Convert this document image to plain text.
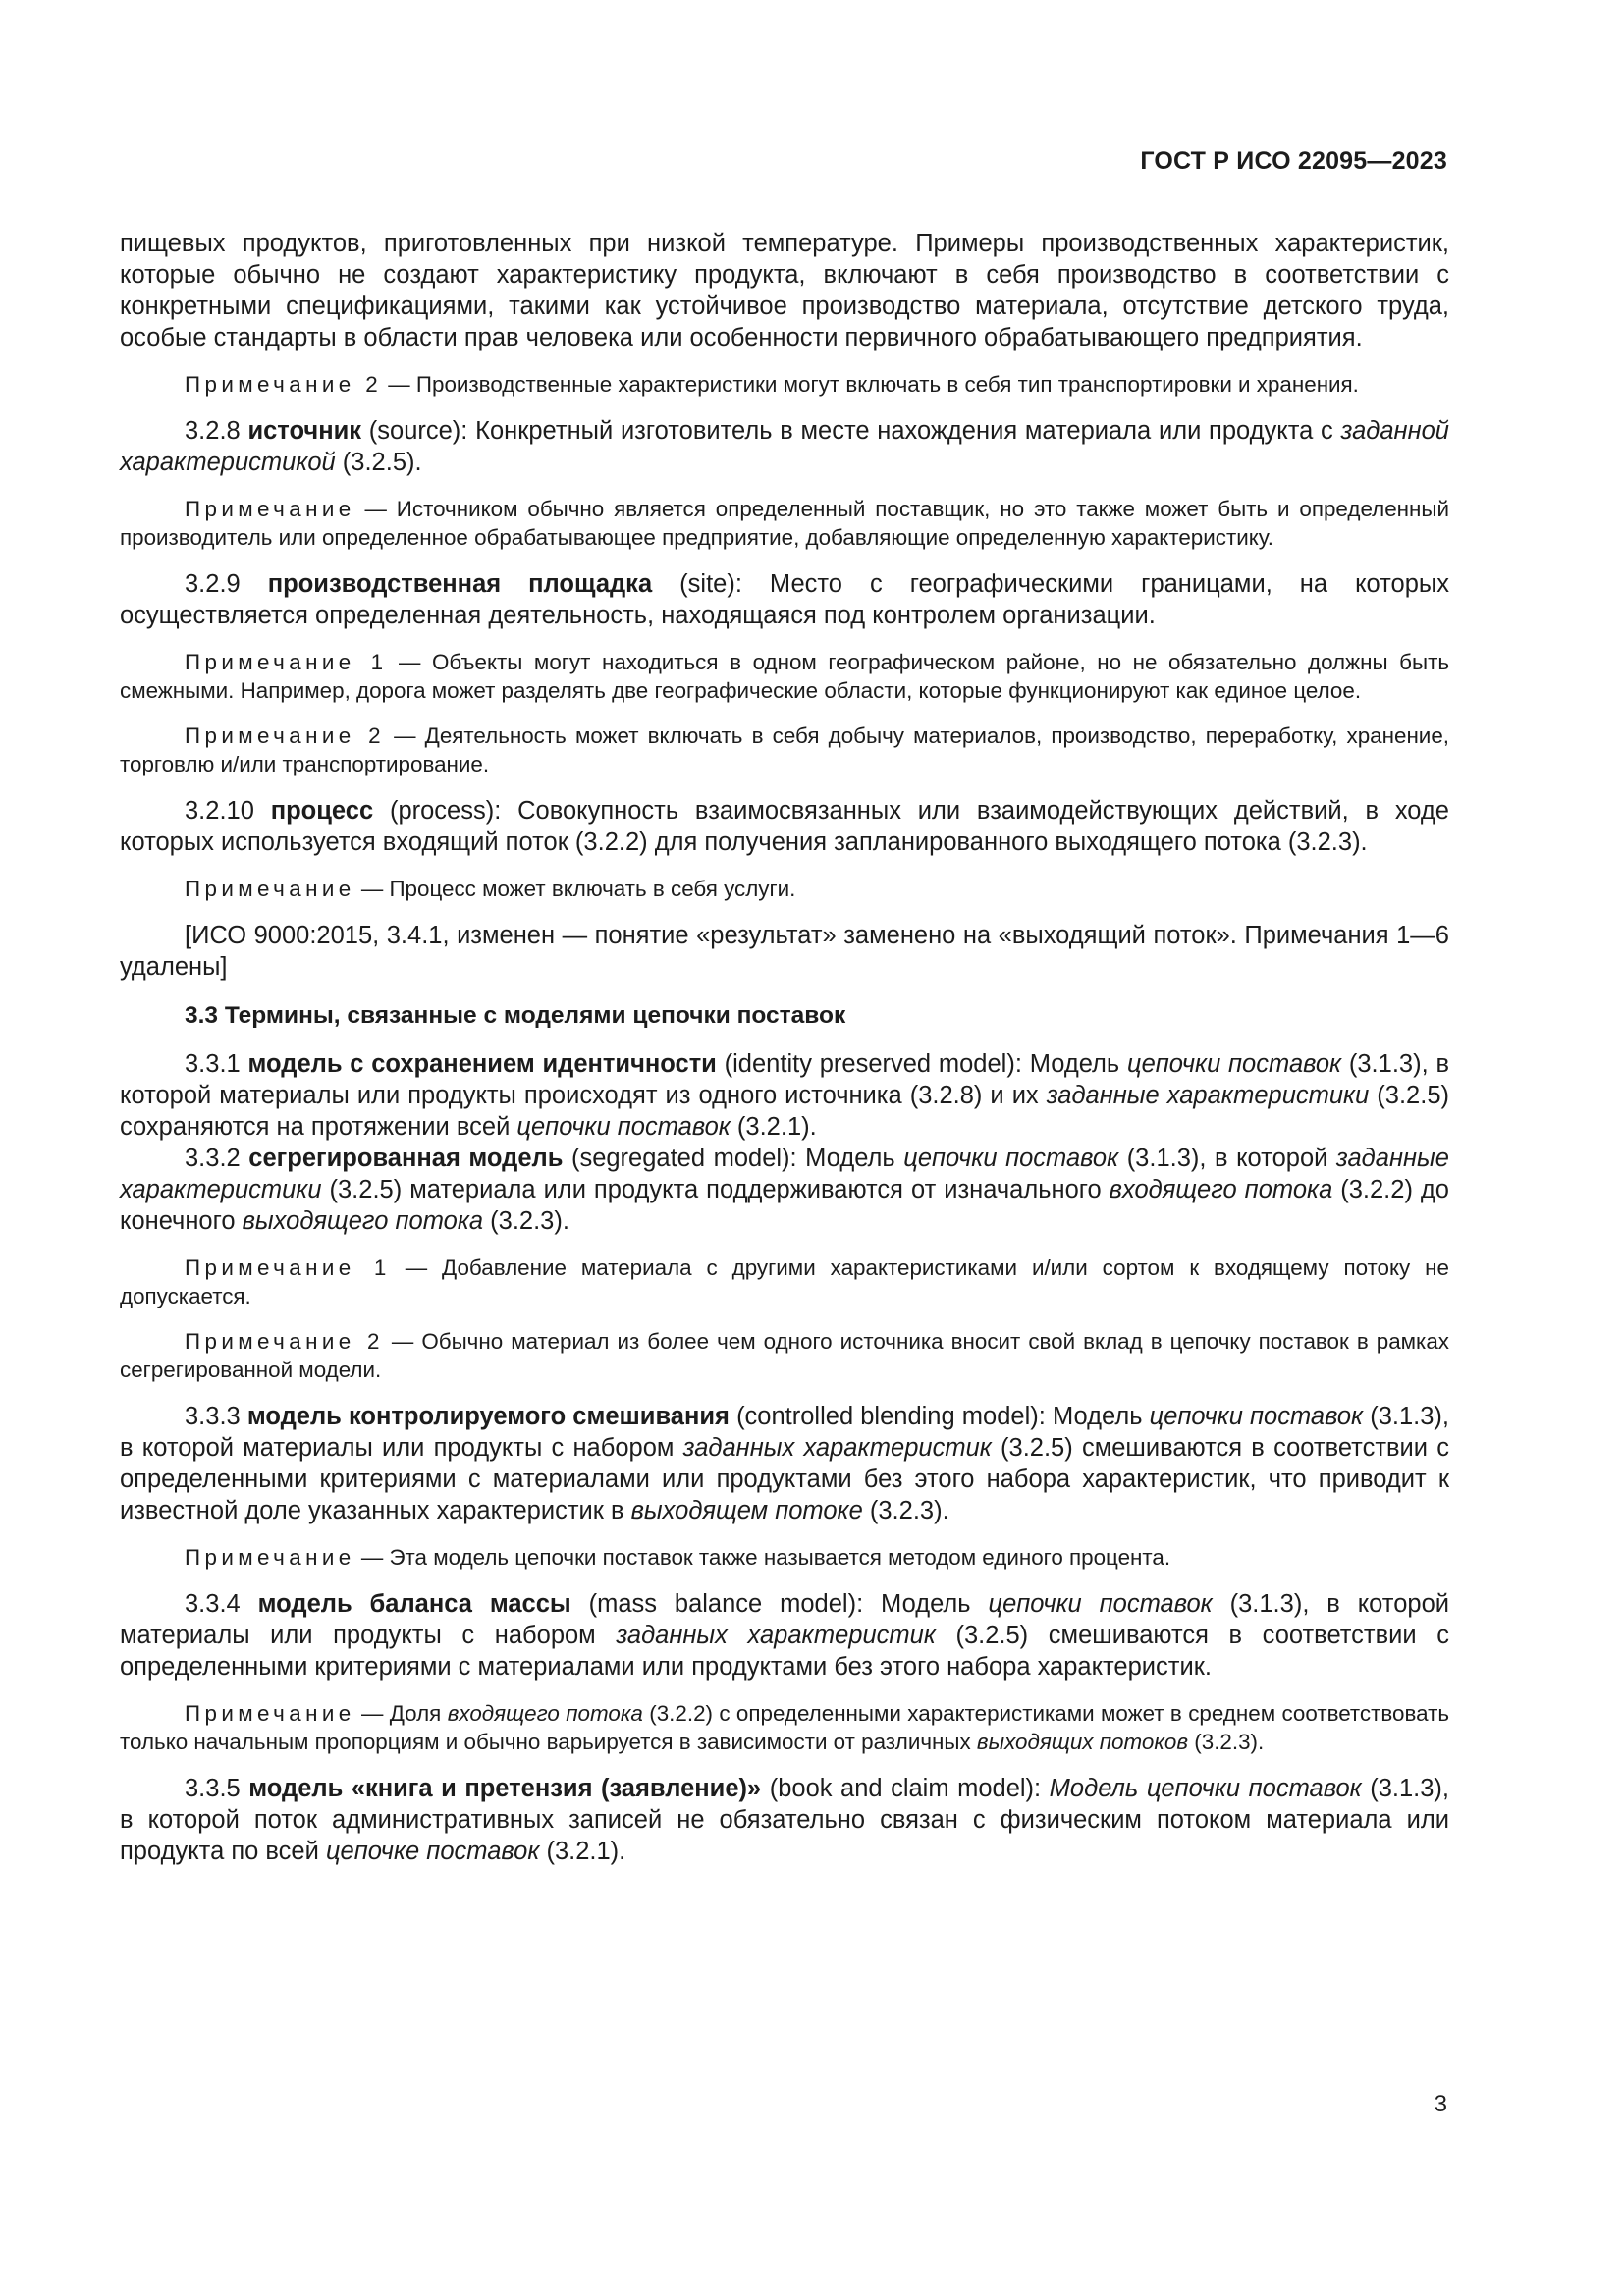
ГОСТ Р ИСО 22095—2023

пищевых продуктов, приготовленных при низкой температуре. Примеры производственных характеристик, которые обычно не создают характеристику продукта, включают в себя производство в соответствии с конкретными спецификациями, такими как устойчивое производство материала, отсутствие детского труда, особые стандарты в области прав человека или особенности первичного обрабатывающего предприятия.

Примечание 2 — Производственные характеристики могут включать в себя тип транспортировки и хранения.

3.2.8 источник (source): Конкретный изготовитель в месте нахождения материала или продукта с заданной характеристикой (3.2.5).

Примечание — Источником обычно является определенный поставщик, но это также может быть и определенный производитель или определенное обрабатывающее предприятие, добавляющие определенную характеристику.

3.2.9 производственная площадка (site): Место с географическими границами, на которых осуществляется определенная деятельность, находящаяся под контролем организации.

Примечание 1 — Объекты могут находиться в одном географическом районе, но не обязательно должны быть смежными. Например, дорога может разделять две географические области, которые функционируют как единое целое.

Примечание 2 — Деятельность может включать в себя добычу материалов, производство, переработку, хранение, торговлю и/или транспортирование.

3.2.10 процесс (process): Совокупность взаимосвязанных или взаимодействующих действий, в ходе которых используется входящий поток (3.2.2) для получения запланированного выходящего потока (3.2.3).

Примечание — Процесс может включать в себя услуги.

[ИСО 9000:2015, 3.4.1, изменен — понятие «результат» заменено на «выходящий поток». Примечания 1—6 удалены]

3.3 Термины, связанные с моделями цепочки поставок

3.3.1 модель с сохранением идентичности (identity preserved model): Модель цепочки поставок (3.1.3), в которой материалы или продукты происходят из одного источника (3.2.8) и их заданные характеристики (3.2.5) сохраняются на протяжении всей цепочки поставок (3.2.1).

3.3.2 сегрегированная модель (segregated model): Модель цепочки поставок (3.1.3), в которой заданные характеристики (3.2.5) материала или продукта поддерживаются от изначального входящего потока (3.2.2) до конечного выходящего потока (3.2.3).

Примечание 1 — Добавление материала с другими характеристиками и/или сортом к входящему потоку не допускается.

Примечание 2 — Обычно материал из более чем одного источника вносит свой вклад в цепочку поставок в рамках сегрегированной модели.

3.3.3 модель контролируемого смешивания (controlled blending model): Модель цепочки поставок (3.1.3), в которой материалы или продукты с набором заданных характеристик (3.2.5) смешиваются в соответствии с определенными критериями с материалами или продуктами без этого набора характеристик, что приводит к известной доле указанных характеристик в выходящем потоке (3.2.3).

Примечание — Эта модель цепочки поставок также называется методом единого процента.

3.3.4 модель баланса массы (mass balance model): Модель цепочки поставок (3.1.3), в которой материалы или продукты с набором заданных характеристик (3.2.5) смешиваются в соответствии с определенными критериями с материалами или продуктами без этого набора характеристик.

Примечание — Доля входящего потока (3.2.2) с определенными характеристиками может в среднем соответствовать только начальным пропорциям и обычно варьируется в зависимости от различных выходящих потоков (3.2.3).

3.3.5 модель «книга и претензия (заявление)» (book and claim model): Модель цепочки поставок (3.1.3), в которой поток административных записей не обязательно связан с физическим потоком материала или продукта по всей цепочке поставок (3.2.1).

3
